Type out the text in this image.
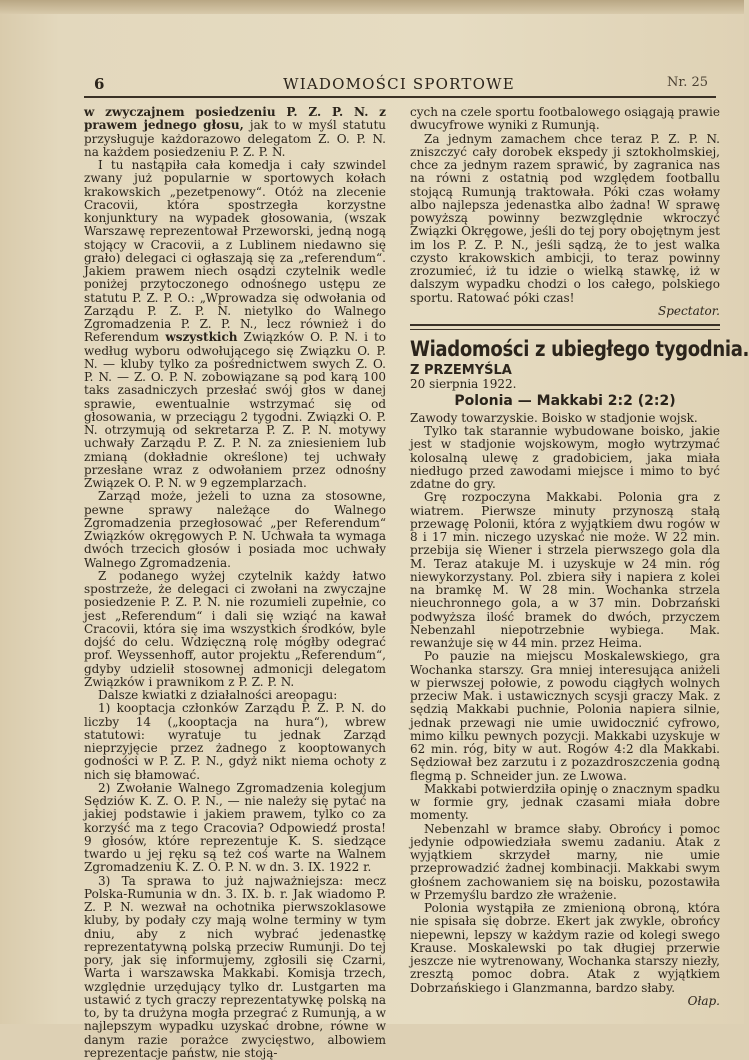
6	WIADOMOŚCI SPORTOWE	Nr. 25

w zwyczajnem posiedzeniu P. Z. P. N. z prawem jednego głosu, jak to w myśl statutu przysługuje każdorazowo delegatom Z. O. P. N. na każdem posiedzeniu P. Z. P. N.

I tu nastąpiła cała komedja i cały szwindel zwany już popularnie w sportowych kołach krakowskich „pezetpenowy“. Otóż na zlecenie Cracovii, która spostrzegła korzystne konjunktury na wypadek głosowania, (wszak Warszawę reprezentował Przeworski, jedną nogą stojący w Cracovii, a z Lublinem niedawno się grało) delegaci ci ogłaszają się za „referendum“. Jakiem prawem niech osądzi czytelnik wedle poniżej przytoczonego odnośnego ustępu ze statutu P. Z. P. O.: „Wprowadza się odwołania od Zarządu P. Z. P. N. nietylko do Walnego Zgromadzenia P. Z. P. N., lecz również i do Referendum wszystkich Związków O. P. N. i to według wyboru odwołującego się Związku O. P. N. — kluby tylko za pośrednictwem swych Z. O. P. N. — Z. O. P. N. zobowiązane są pod karą 100 taks zasadniczych przesłać swój głos w danej sprawie, ewentualnie wstrzymać się od głosowania, w przeciągu 2 tygodni. Związki O. P. N. otrzymują od sekretarza P. Z. P. N. motywy uchwały Zarządu P. Z. P. N. za zniesieniem lub zmianą (dokładnie określone) tej uchwały przesłane wraz z odwołaniem przez odnośny Związek O. P. N. w 9 egzemplarzach.

Zarząd może, jeżeli to uzna za stosowne, pewne sprawy należące do Walnego Zgromadzenia przegłosować „per Referendum“ Związków okręgowych P. N. Uchwała ta wymaga dwóch trzecich głosów i posiada moc uchwały Walnego Zgromadzenia.

Z podanego wyżej czytelnik każdy łatwo spostrzeże, że delegaci ci zwołani na zwyczajne posiedzenie P. Z. P. N. nie rozumieli zupełnie, co jest „Referendum“ i dali się wziąć na kawał Cracovii, która się ima wszystkich środków, byle dojść do celu. Wdzięczną rolę mógłby odegrać prof. Weyssenhoff, autor projektu „Referendum“, gdyby udzielił stosownej admonicji delegatom Związków i prawnikom z P. Z. P. N.

Dalsze kwiatki z działalności areopagu:

1) kooptacja członków Zarządu P. Z. P. N. do liczby 14 („kooptacja na hura“), wbrew statutowi: wyratuje tu jednak Zarząd nieprzyjęcie przez żadnego z kooptowanych godności w P. Z. P. N., gdyż nikt niema ochoty z nich się błamować.

2) Zwołanie Walnego Zgromadzenia kolegjum Sędziów K. Z. O. P. N., — nie należy się pytać na jakiej podstawie i jakiem prawem, tylko co za korzyść ma z tego Cracovia? Odpowiedź prosta! 9 głosów, które reprezentuje K. S. siedzące twardo u jej ręku są też coś warte na Walnem Zgromadzeniu K. Z. O. P. N. w dn. 3. IX. 1922 r.

3) Ta sprawa to już najważniejsza: mecz Polska-Rumunia w dn. 3. IX. b. r. Jak wiadomo P. Z. P. N. wezwał na ochotnika pierwszoklasowe kluby, by podały czy mają wolne terminy w tym dniu, aby z nich wybrać jedenastkę reprezentatywną polską przeciw Rumunji. Do tej pory, jak się informujemy, zgłosili się Czarni, Warta i warszawska Makkabi. Komisja trzech, względnie urzędujący tylko dr. Lustgarten ma ustawić z tych graczy reprezentatywkę polską na to, by ta drużyna mogła przegrać z Rumunją, a w najlepszym wypadku uzyskać drobne, równe w danym razie porażce zwycięstwo, albowiem reprezentacje państw, nie stoją-

cych na czele sportu footbalowego osiągają prawie dwucyfrowe wyniki z Rumunją.

Za jednym zamachem chce teraz P. Z. P. N. zniszczyć cały dorobek ekspedy ji sztokholmskiej, chce za jednym razem sprawić, by zagranica nas na równi z ostatnią pod względem footballu stojącą Rumunją traktowała. Póki czas wołamy albo najlepsza jedenastka albo żadna! W sprawę powyższą powinny bezwzględnie wkroczyć Związki Okręgowe, jeśli do tej pory obojętnym jest im los P. Z. P. N., jeśli sądzą, że to jest walka czysto krakowskich ambicji, to teraz powinny zrozumieć, iż tu idzie o wielką stawkę, iż w dalszym wypadku chodzi o los całego, polskiego sportu. Ratować póki czas!

Spectator.

Wiadomości z ubiegłego tygodnia.
Z PRZEMYŚLA
20 sierpnia 1922.
Polonia — Makkabi 2:2 (2:2)

Zawody towarzyskie. Boisko w stadjonie wojsk.

Tylko tak starannie wybudowane boisko, jakie jest w stadjonie wojskowym, mogło wytrzymać kolosalną ulewę z gradobiciem, jaka miała niedługo przed zawodami miejsce i mimo to być zdatne do gry.

Grę rozpoczyna Makkabi. Polonia gra z wiatrem. Pierwsze minuty przynoszą stałą przewagę Polonii, która z wyjątkiem dwu rogów w 8 i 17 min. niczego uzyskać nie może. W 22 min. przebija się Wiener i strzela pierwszego gola dla M. Teraz atakuje M. i uzyskuje w 24 min. róg niewykorzystany. Pol. zbiera siły i napiera z kolei na bramkę M. W 28 min. Wochanka strzela nieuchronnego gola, a w 37 min. Dobrzański podwyższa ilość bramek do dwóch, przyczem Nebenzahl niepotrzebnie wybiega. Mak. rewanżuje się w 44 min. przez Heima.

Po pauzie na miejscu Moskalewskiego, gra Wochanka starszy. Gra mniej interesująca aniżeli w pierwszej połowie, z powodu ciągłych wolnych przeciw Mak. i ustawicznych scysji graczy Mak. z sędzią Makkabi puchnie, Polonia napiera silnie, jednak przewagi nie umie uwidocznić cyfrowo, mimo kilku pewnych pozycji. Makkabi uzyskuje w 62 min. róg, bity w aut. Rogów 4:2 dla Makkabi. Sędziował bez zarzutu i z pozazdroszczenia godną flegmą p. Schneider jun. ze Lwowa.

Makkabi potwierdziła opinję o znacznym spadku w formie gry, jednak czasami miała dobre momenty.

Nebenzahl w bramce słaby. Obrońcy i pomoc jedynie odpowiedziała swemu zadaniu. Atak z wyjątkiem skrzydeł marny, nie umie przeprowadzić żadnej kombinacji. Makkabi swym głośnem zachowaniem się na boisku, pozostawiła w Przemyślu bardzo złe wrażenie.

Polonia wystąpiła ze zmienioną obroną, która nie spisała się dobrze. Ekert jak zwykle, obrońcy niepewni, lepszy w każdym razie od kolegi swego Krause. Moskalewski po tak długiej przerwie jeszcze nie wytrenowany, Wochanka starszy niezły, zresztą pomoc dobra. Atak z wyjątkiem Dobrzańskiego i Glanzmanna, bardzo słaby.

Ołap.
